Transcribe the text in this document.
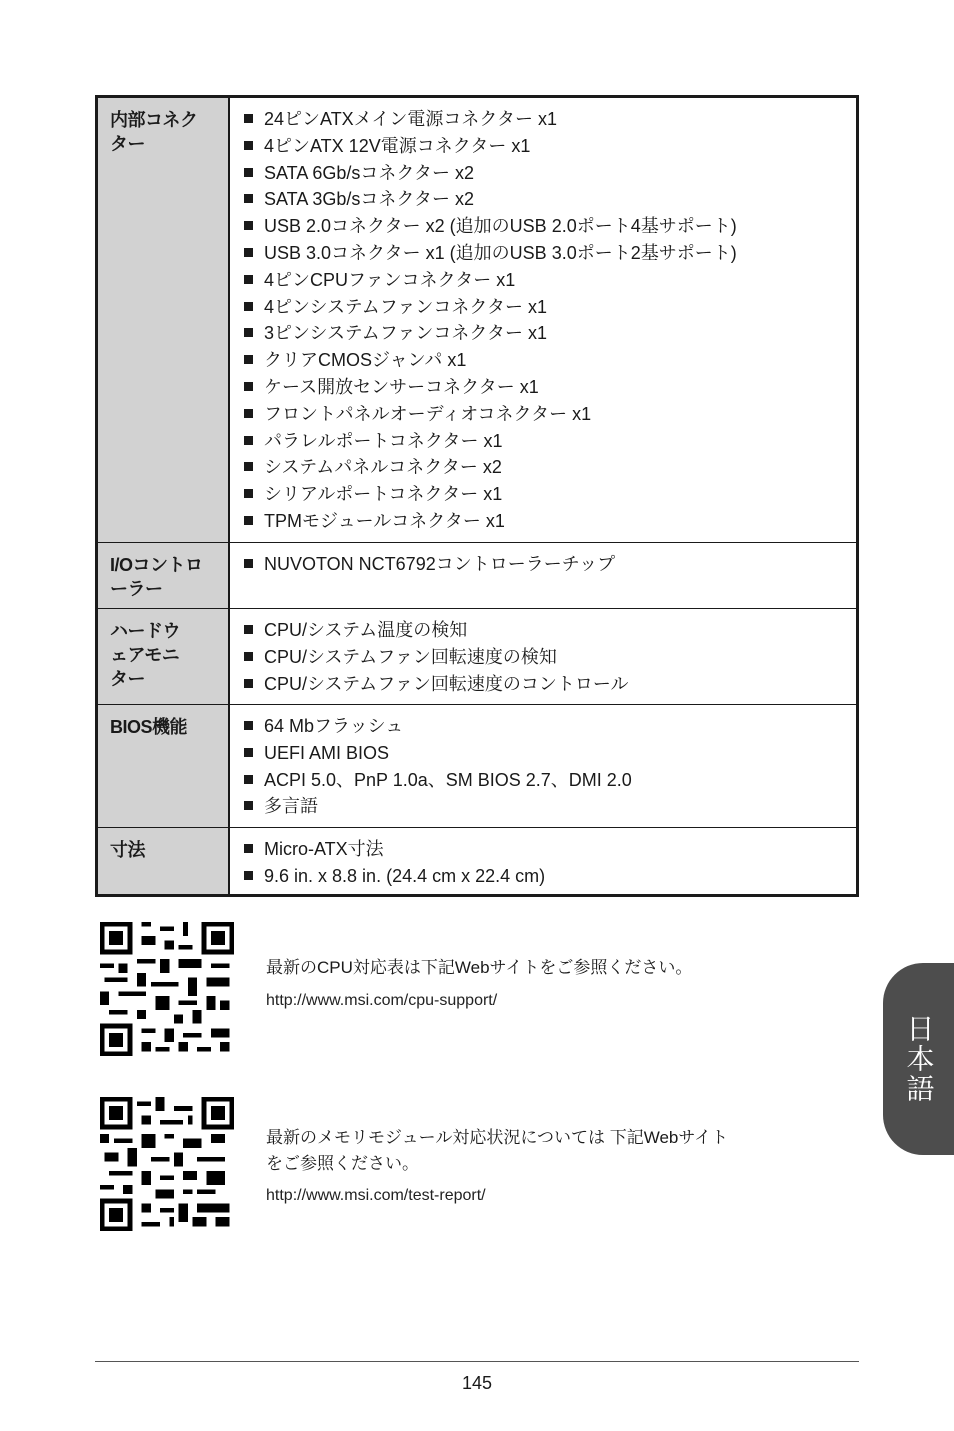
内部コネクター
24ピンATXメイン電源コネクター x1
4ピンATX 12V電源コネクター x1
SATA 6Gb/sコネクター x2
SATA 3Gb/sコネクター x2
USB 2.0コネクター x2 (追加のUSB 2.0ポート4基サポート)
USB 3.0コネクター x1 (追加のUSB 3.0ポート2基サポート)
4ピンCPUファンコネクター x1
4ピンシステムファンコネクター x1
3ピンシステムファンコネクター x1
クリアCMOSジャンパ x1
ケース開放センサーコネクター x1
フロントパネルオーディオコネクター x1
パラレルポートコネクター x1
システムパネルコネクター x2
シリアルポートコネクター x1
TPMモジュールコネクター x1
I/Oコントローラー
NUVOTON NCT6792コントローラーチップ
ハードウェアモニター
CPU/システム温度の検知
CPU/システムファン回転速度の検知
CPU/システムファン回転速度のコントロール
BIOS機能	64 Mbフラッシュ
UEFI AMI BIOS
ACPI 5.0、PnP 1.0a、SM BIOS 2.7、DMI 2.0
多言語
寸法	Micro-ATX寸法
9.6 in. x 8.8 in. (24.4 cm x 22.4 cm)
最新のCPU対応表は下記Webサイトをご参照ください。
http://www.msi.com/cpu-support/
最新のメモリモジュール対応状況については 下記Webサイト
をご参照ください。
http://www.msi.com/test-report/
日本語
145
